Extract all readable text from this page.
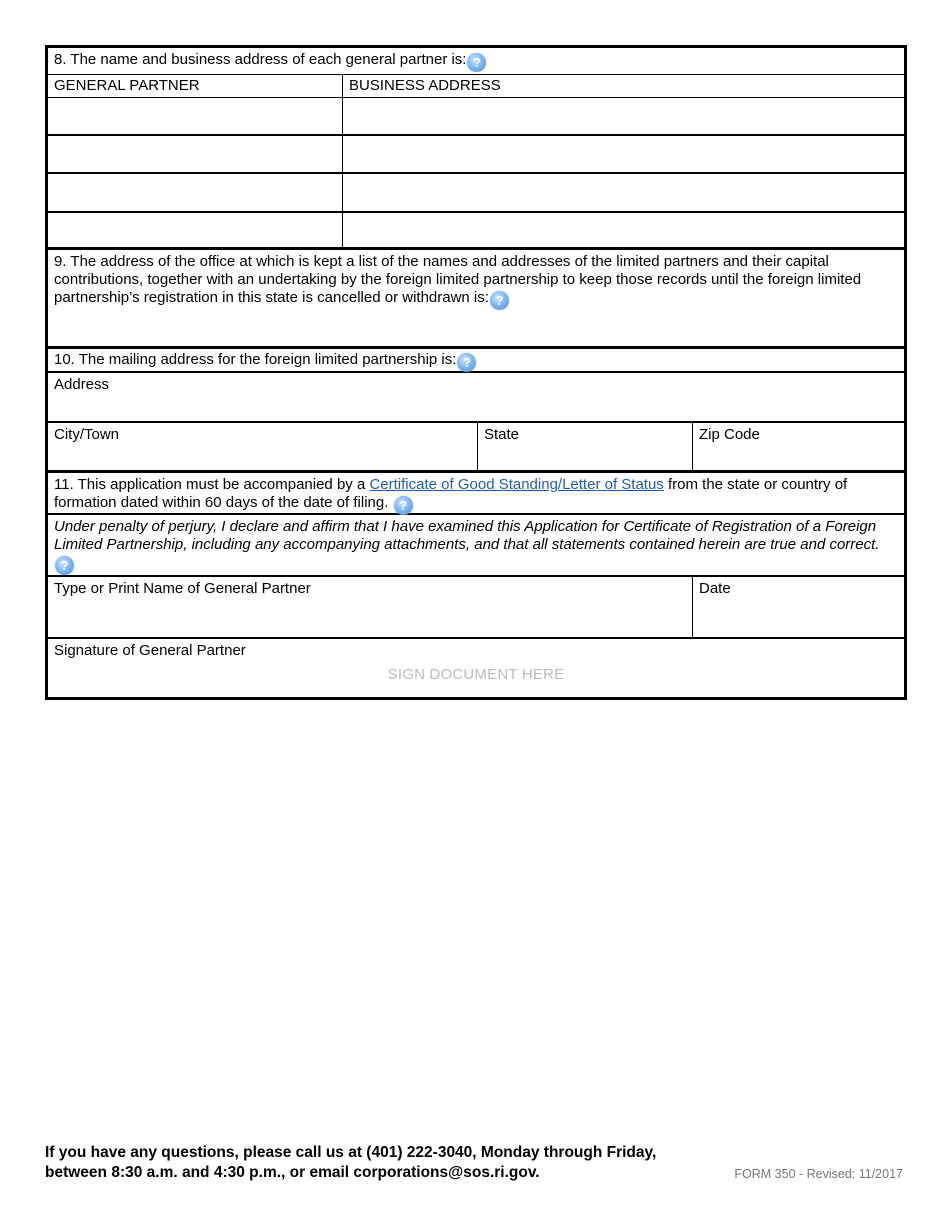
8. The name and business address of each general partner is: ?
GENERAL PARTNER	BUSINESS ADDRESS
9. The address of the office at which is kept a list of the names and addresses of the limited partners and their capital contributions, together with an undertaking by the foreign limited partnership to keep those records until the foreign limited partnership’s registration in this state is cancelled or withdrawn is: ?
10. The mailing address for the foreign limited partnership is: ?
Address
City/Town	State	Zip Code
11. This application must be accompanied by a Certificate of Good Standing/Letter of Status from the state or country of formation dated within 60 days of the date of filing. ?
Under penalty of perjury, I declare and affirm that I have examined this Application for Certificate of Registration of a Foreign Limited Partnership, including any accompanying attachments, and that all statements contained herein are true and correct.?
Type or Print Name of General Partner	Date
Signature of General Partner
SIGN DOCUMENT HERE
If you have any questions, please call us at (401) 222-3040, Monday through Friday,
between 8:30 a.m. and 4:30 p.m., or email corporations@sos.ri.gov.	FORM 350 - Revised: 11/2017
